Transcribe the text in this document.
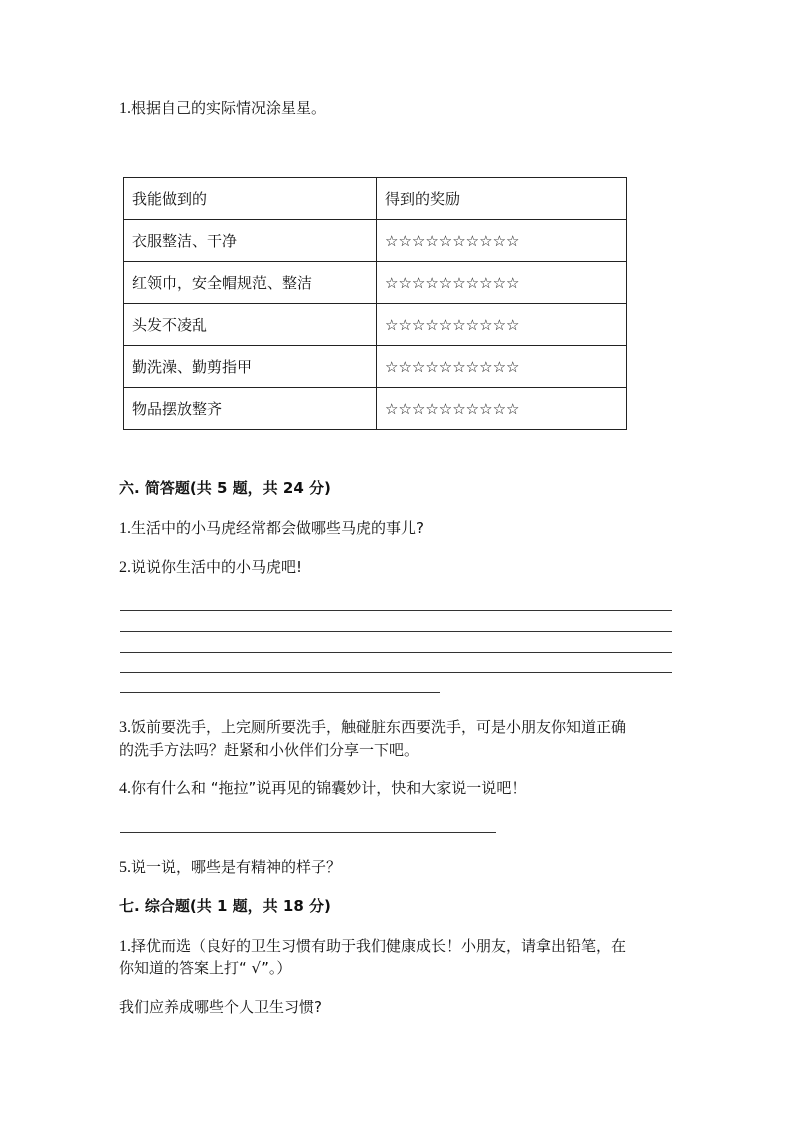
1.根据自己的实际情况涂星星。
我能做到的	得到的奖励
衣服整洁、干净	☆☆☆☆☆☆☆☆☆☆
红领巾，安全帽规范、整洁	☆☆☆☆☆☆☆☆☆☆
头发不凌乱	☆☆☆☆☆☆☆☆☆☆
勤洗澡、勤剪指甲	☆☆☆☆☆☆☆☆☆☆
物品摆放整齐	☆☆☆☆☆☆☆☆☆☆
六. 简答题(共 5 题，共 24 分)
1.生活中的小马虎经常都会做哪些马虎的事儿?
2.说说你生活中的小马虎吧!
3.饭前要洗手，上完厕所要洗手，触碰脏东西要洗手，可是小朋友你知道正确
的洗手方法吗？赶紧和小伙伴们分享一下吧。
4.你有什么和 “拖拉”说再见的锦囊妙计，快和大家说一说吧！
5.说一说，哪些是有精神的样子？
七. 综合题(共 1 题，共 18 分)
1.择优而选（良好的卫生习惯有助于我们健康成长！小朋友，请拿出铅笔，在
你知道的答案上打“ √”。）
我们应养成哪些个人卫生习惯?
